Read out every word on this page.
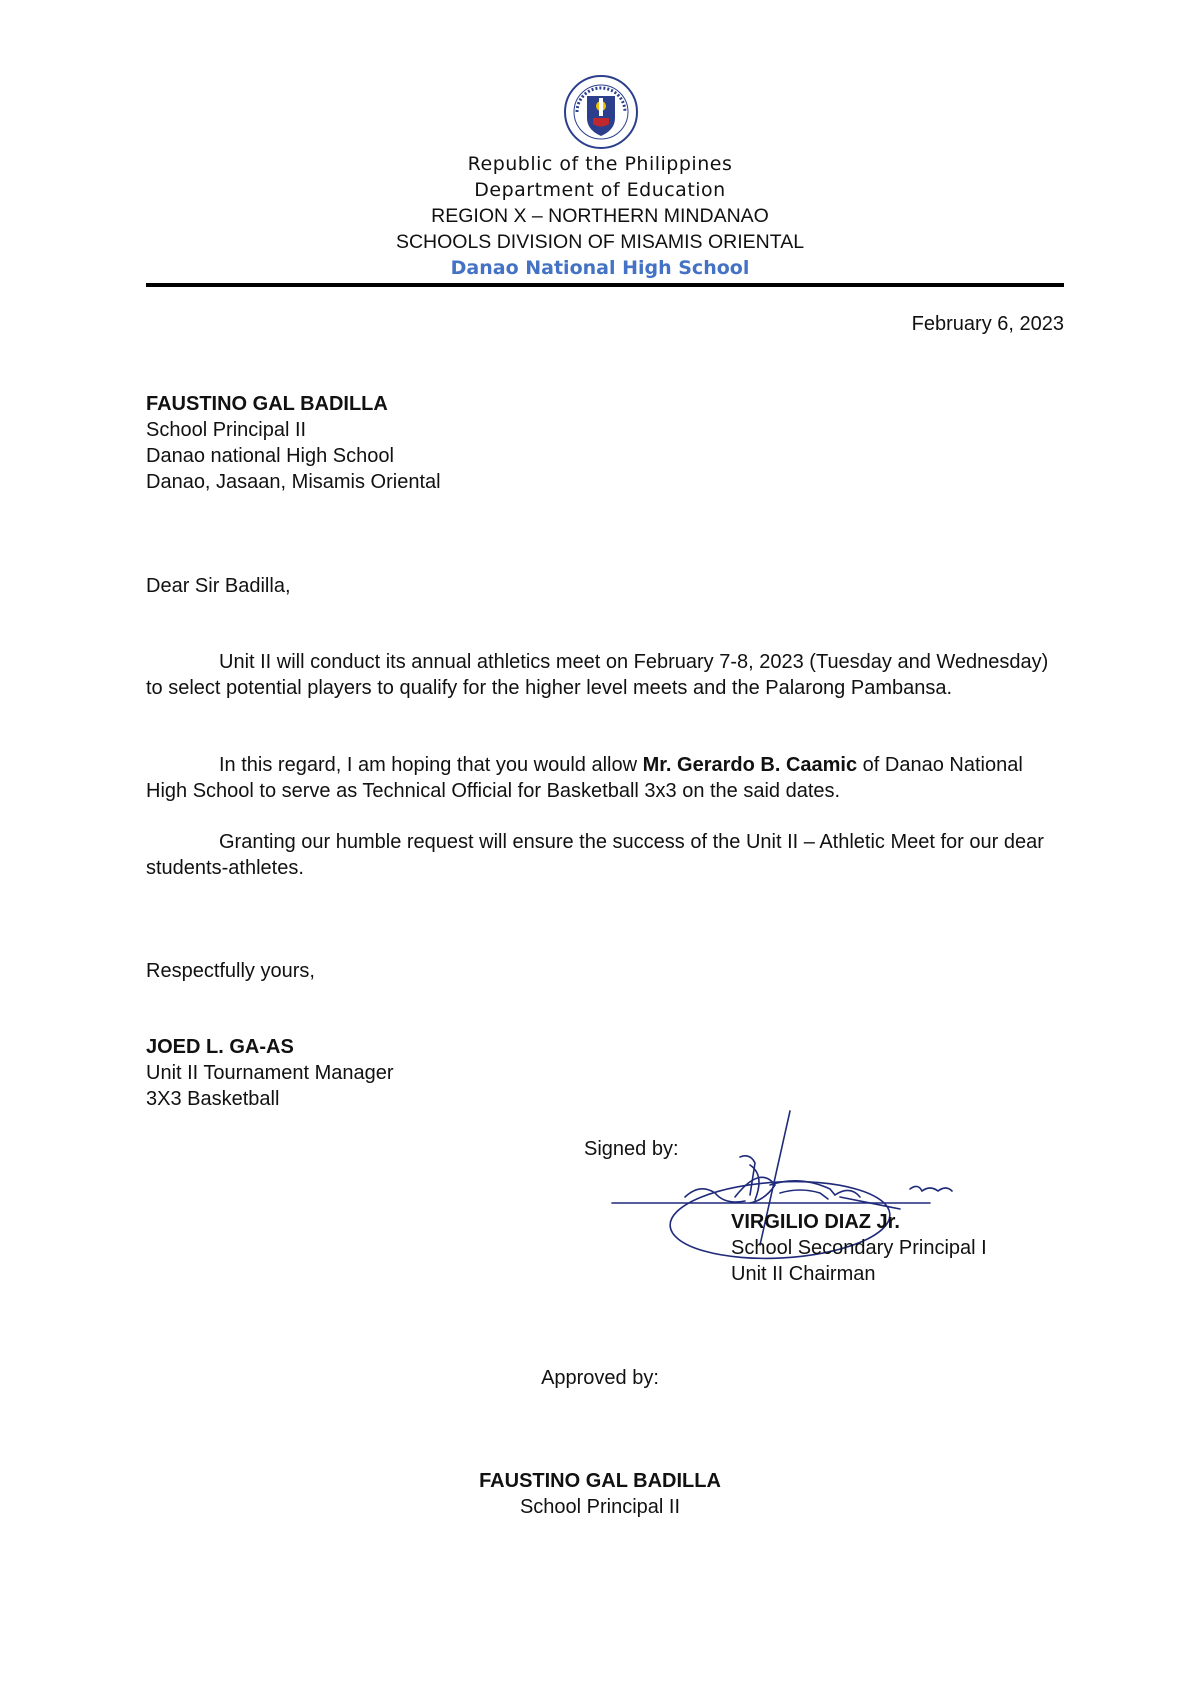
Republic of the Philippines
Department of Education
REGION X – NORTHERN MINDANAO
SCHOOLS DIVISION OF MISAMIS ORIENTAL
Danao National High School
February 6, 2023
FAUSTINO GAL BADILLA
School Principal II
Danao national High School
Danao, Jasaan, Misamis Oriental
Dear Sir Badilla,
Unit II will conduct its annual athletics meet on February 7-8, 2023 (Tuesday and Wednesday) to select potential players to qualify for the higher level meets and the Palarong Pambansa.
In this regard, I am hoping that you would allow Mr. Gerardo B. Caamic of Danao National High School to serve as Technical Official for Basketball 3x3 on the said dates.
Granting our humble request will ensure the success of the Unit II – Athletic Meet for our dear students-athletes.
Respectfully yours,
JOED L. GA-AS
Unit II Tournament Manager
3X3 Basketball
Signed by:
VIRGILIO DIAZ Jr.
School Secondary Principal I
Unit II Chairman
Approved by:
FAUSTINO GAL BADILLA
School Principal II
